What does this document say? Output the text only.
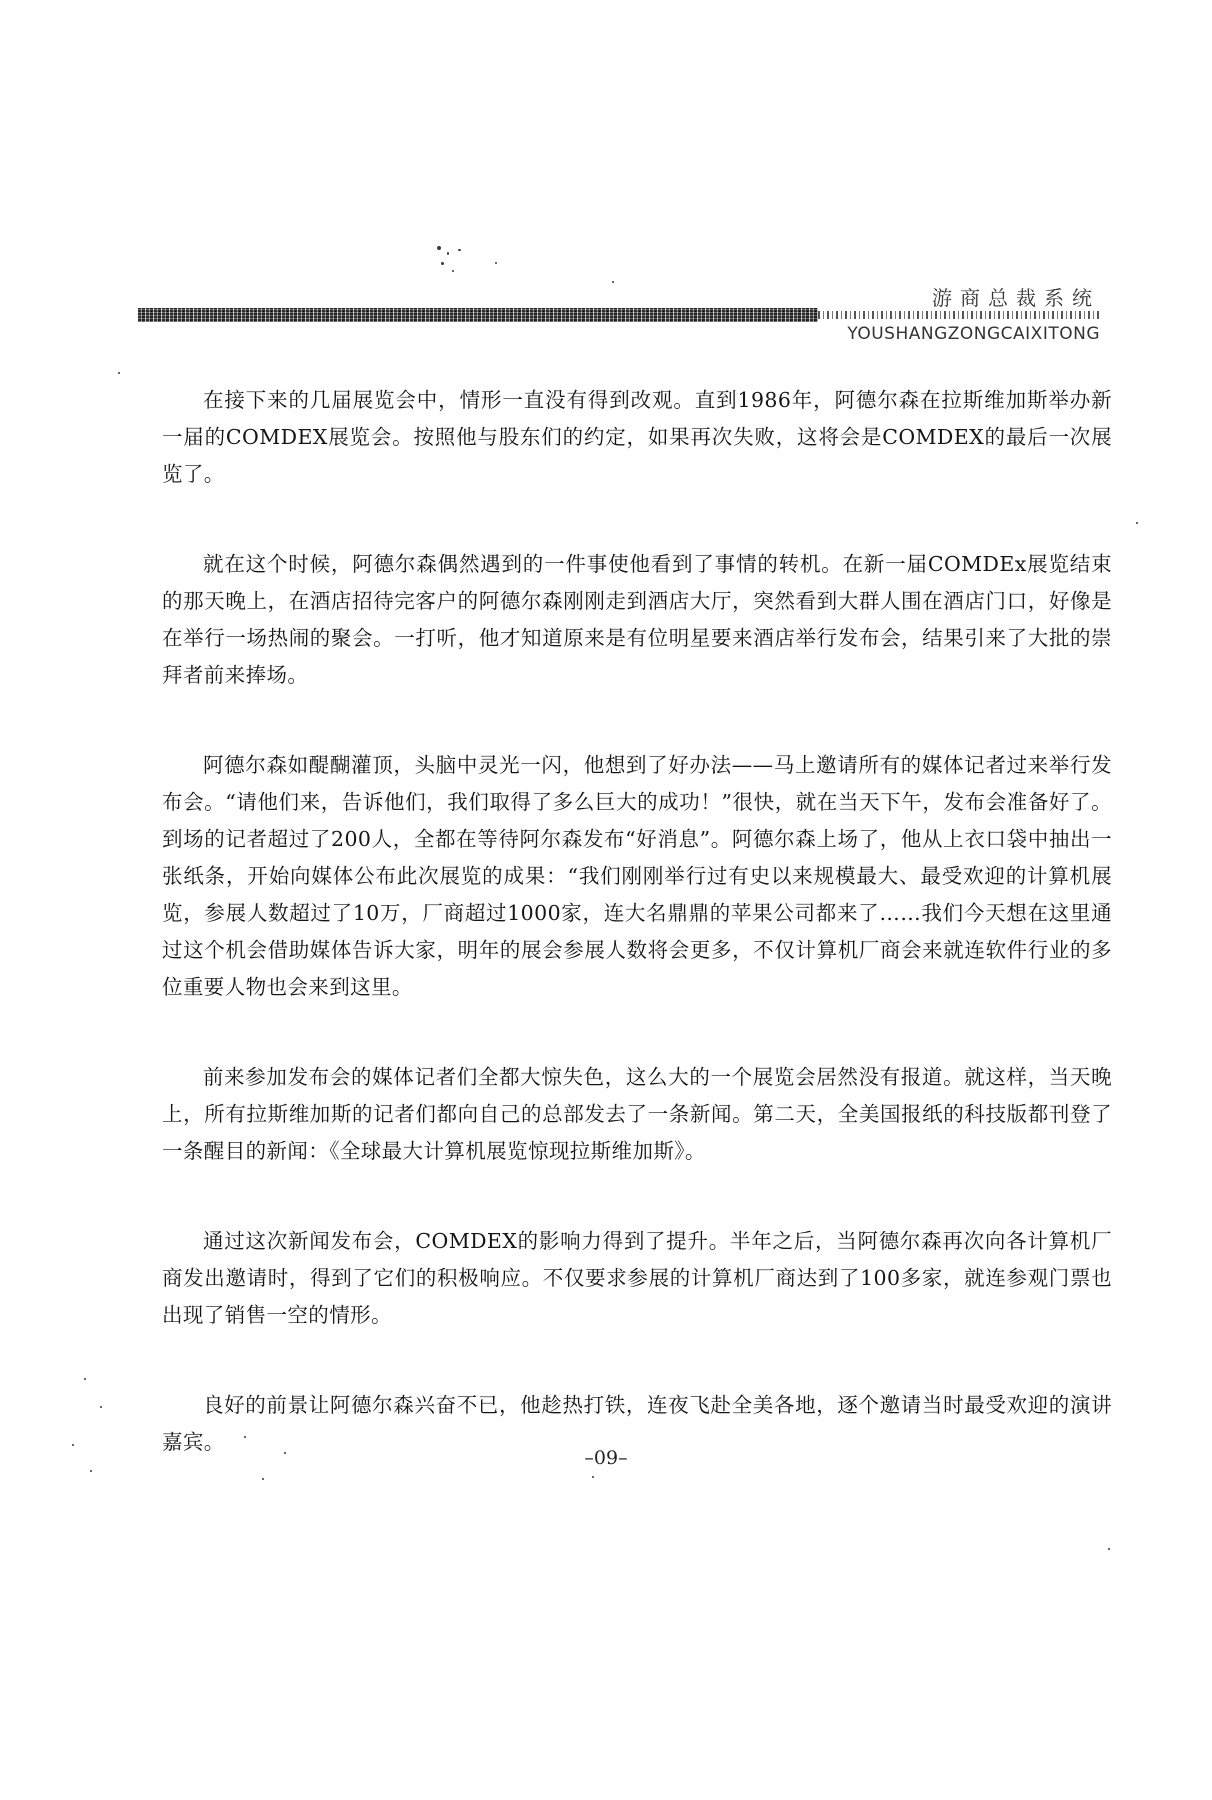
游商总裁系统
YOUSHANGZONGCAIXITONG

在接下来的几届展览会中，情形一直没有得到改观。直到1986年，阿德尔森在拉斯维加斯举办新一届的COMDEX展览会。按照他与股东们的约定，如果再次失败，这将会是COMDEX的最后一次展览了。

就在这个时候，阿德尔森偶然遇到的一件事使他看到了事情的转机。在新一届COMDEx展览结束的那天晚上，在酒店招待完客户的阿德尔森刚刚走到酒店大厅，突然看到大群人围在酒店门口，好像是在举行一场热闹的聚会。一打听，他才知道原来是有位明星要来酒店举行发布会，结果引来了大批的崇拜者前来捧场。

阿德尔森如醍醐灌顶，头脑中灵光一闪，他想到了好办法——马上邀请所有的媒体记者过来举行发布会。“请他们来，告诉他们，我们取得了多么巨大的成功！”很快，就在当天下午，发布会准备好了。到场的记者超过了200人，全都在等待阿尔森发布“好消息”。阿德尔森上场了，他从上衣口袋中抽出一张纸条，开始向媒体公布此次展览的成果：“我们刚刚举行过有史以来规模最大、最受欢迎的计算机展览，参展人数超过了10万，厂商超过1000家，连大名鼎鼎的苹果公司都来了……我们今天想在这里通过这个机会借助媒体告诉大家，明年的展会参展人数将会更多，不仅计算机厂商会来就连软件行业的多位重要人物也会来到这里。

前来参加发布会的媒体记者们全都大惊失色，这么大的一个展览会居然没有报道。就这样，当天晚上，所有拉斯维加斯的记者们都向自己的总部发去了一条新闻。第二天，全美国报纸的科技版都刊登了一条醒目的新闻：《全球最大计算机展览惊现拉斯维加斯》。

通过这次新闻发布会，COMDEX的影响力得到了提升。半年之后，当阿德尔森再次向各计算机厂商发出邀请时，得到了它们的积极响应。不仅要求参展的计算机厂商达到了100多家，就连参观门票也出现了销售一空的情形。

良好的前景让阿德尔森兴奋不已，他趁热打铁，连夜飞赴全美各地，逐个邀请当时最受欢迎的演讲嘉宾。

–09–
